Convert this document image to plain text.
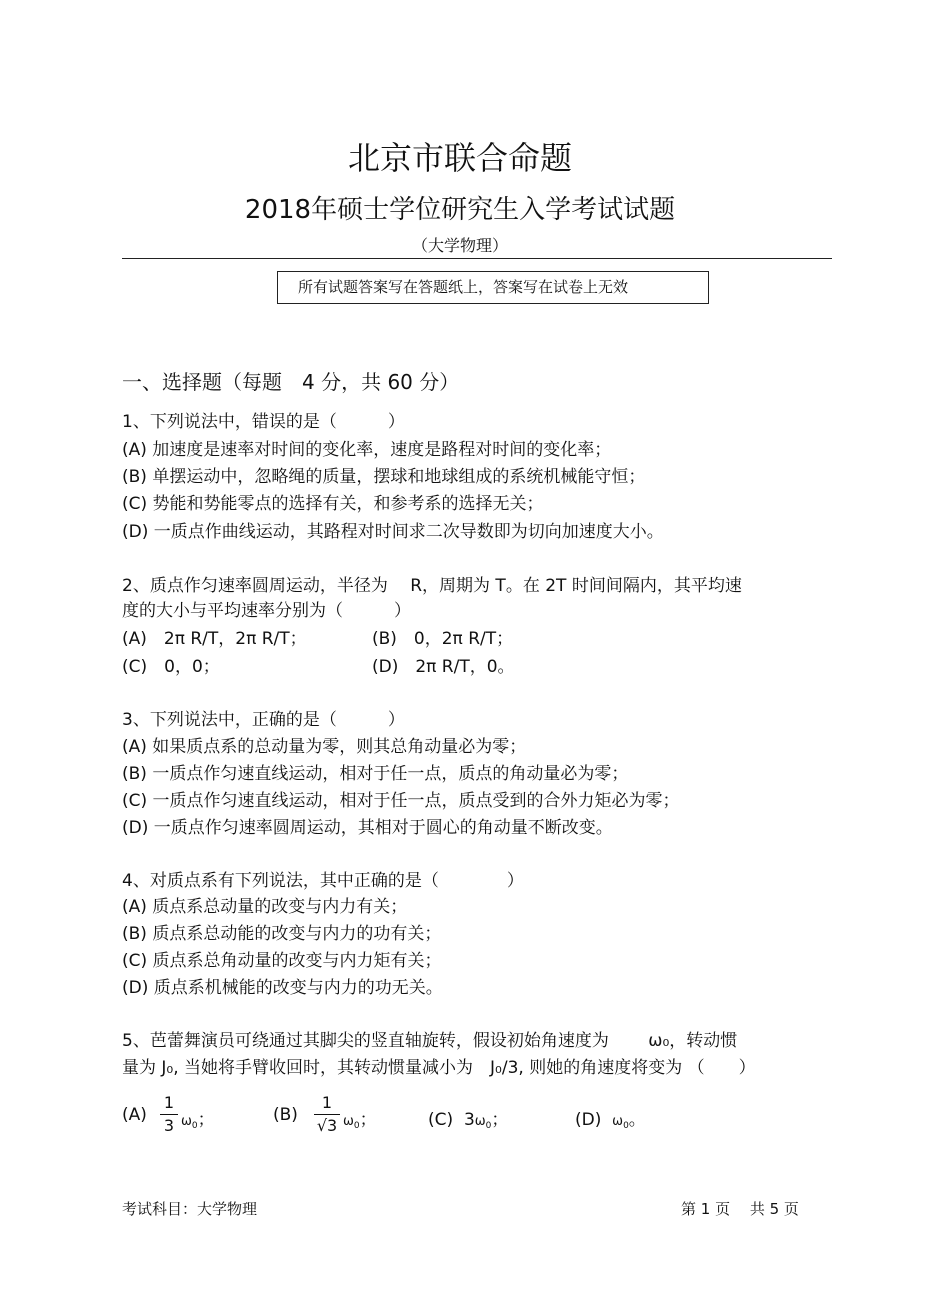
北京市联合命题
2018年硕士学位研究生入学考试试题
（大学物理）
所有试题答案写在答题纸上，答案写在试卷上无效
一、选择题（每题　4 分，共 60 分）
1、下列说法中，错误的是（　　　）
(A) 加速度是速率对时间的变化率，速度是路程对时间的变化率；
(B) 单摆运动中，忽略绳的质量，摆球和地球组成的系统机械能守恒；
(C) 势能和势能零点的选择有关，和参考系的选择无关；
(D) 一质点作曲线运动，其路程对时间求二次导数即为切向加速度大小。
2、质点作匀速率圆周运动，半径为　 R，周期为 T。在 2T 时间间隔内，其平均速
度的大小与平均速率分别为（　　　）
(A)　2π R/T，2π R/T；	(B)　0，2π R/T；
(C)　0，0；	(D)　2π R/T，0。
3、下列说法中，正确的是（　　　）
(A) 如果质点系的总动量为零，则其总角动量必为零；
(B) 一质点作匀速直线运动，相对于任一点，质点的角动量必为零；
(C) 一质点作匀速直线运动，相对于任一点，质点受到的合外力矩必为零；
(D) 一质点作匀速率圆周运动，其相对于圆心的角动量不断改变。
4、对质点系有下列说法，其中正确的是（　　　　）
(A) 质点系总动量的改变与内力有关；
(B) 质点系总动能的改变与内力的功有关；
(C) 质点系总角动量的改变与内力矩有关；
(D) 质点系机械能的改变与内力的功无关。
5、芭蕾舞演员可绕通过其脚尖的竖直轴旋转，假设初始角速度为　　 ω₀，转动惯
量为 J₀, 当她将手臂收回时，其转动惯量减小为　J₀/3, 则她的角速度将变为 （　　）
(A)
1
3 $\omega_0$；	(B)
1
√3 $\omega_0$；	(C) $3\omega_0$；	(D) $\omega_0$。
考试科目：大学物理	第 1 页　 共 5 页
